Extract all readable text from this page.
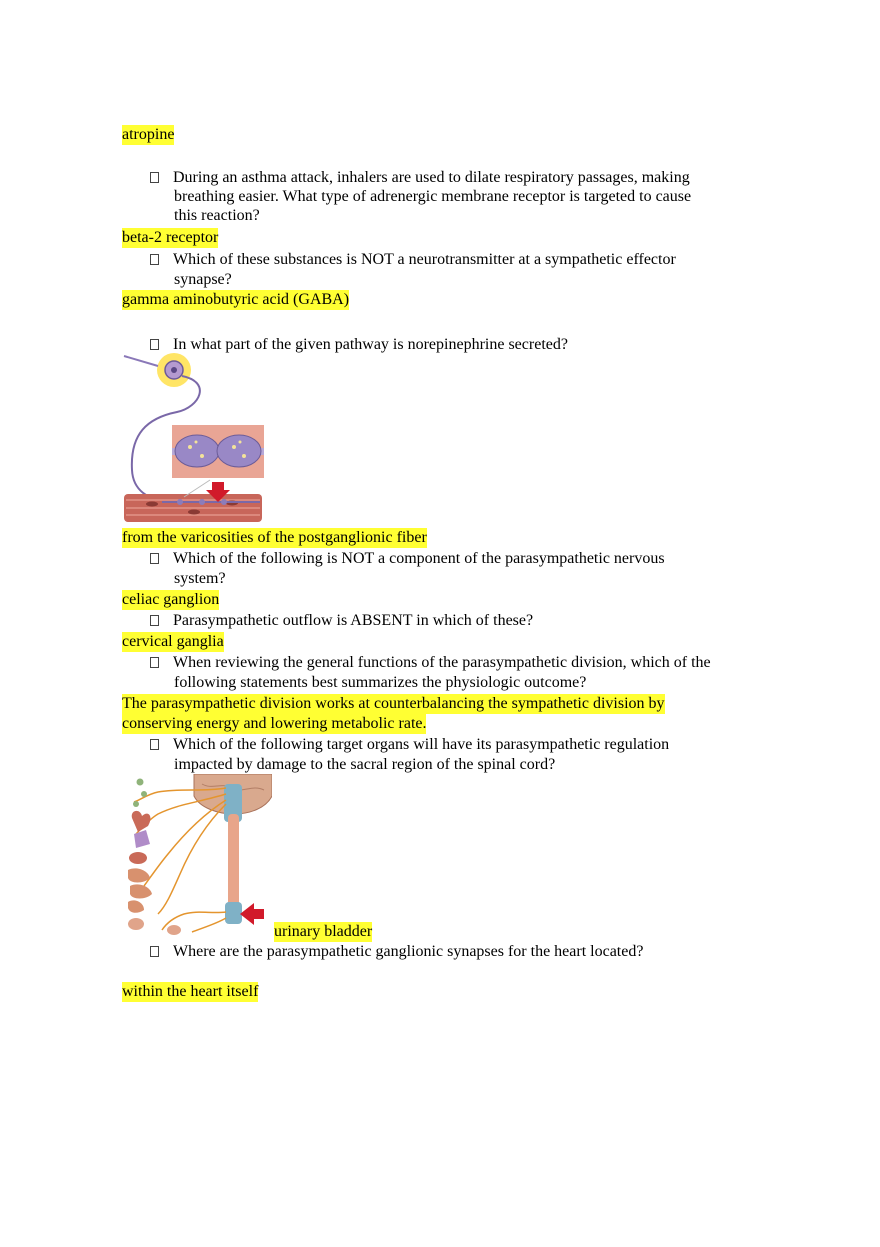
atropine
During an asthma attack, inhalers are used to dilate respiratory passages, making
breathing easier. What type of adrenergic membrane receptor is targeted to cause
this reaction?
beta-2 receptor
Which of these substances is NOT a neurotransmitter at a sympathetic effector
synapse?
gamma aminobutyric acid (GABA)
In what part of the given pathway is norepinephrine secreted?
from the varicosities of the postganglionic fiber
Which of the following is NOT a component of the parasympathetic nervous
system?
celiac ganglion
Parasympathetic outflow is ABSENT in which of these?
cervical ganglia
When reviewing the general functions of the parasympathetic division, which of the
following statements best summarizes the physiologic outcome?
The parasympathetic division works at counterbalancing the sympathetic division by
conserving energy and lowering metabolic rate.
Which of the following target organs will have its parasympathetic regulation
impacted by damage to the sacral region of the spinal cord?
urinary bladder
Where are the parasympathetic ganglionic synapses for the heart located?
within the heart itself
